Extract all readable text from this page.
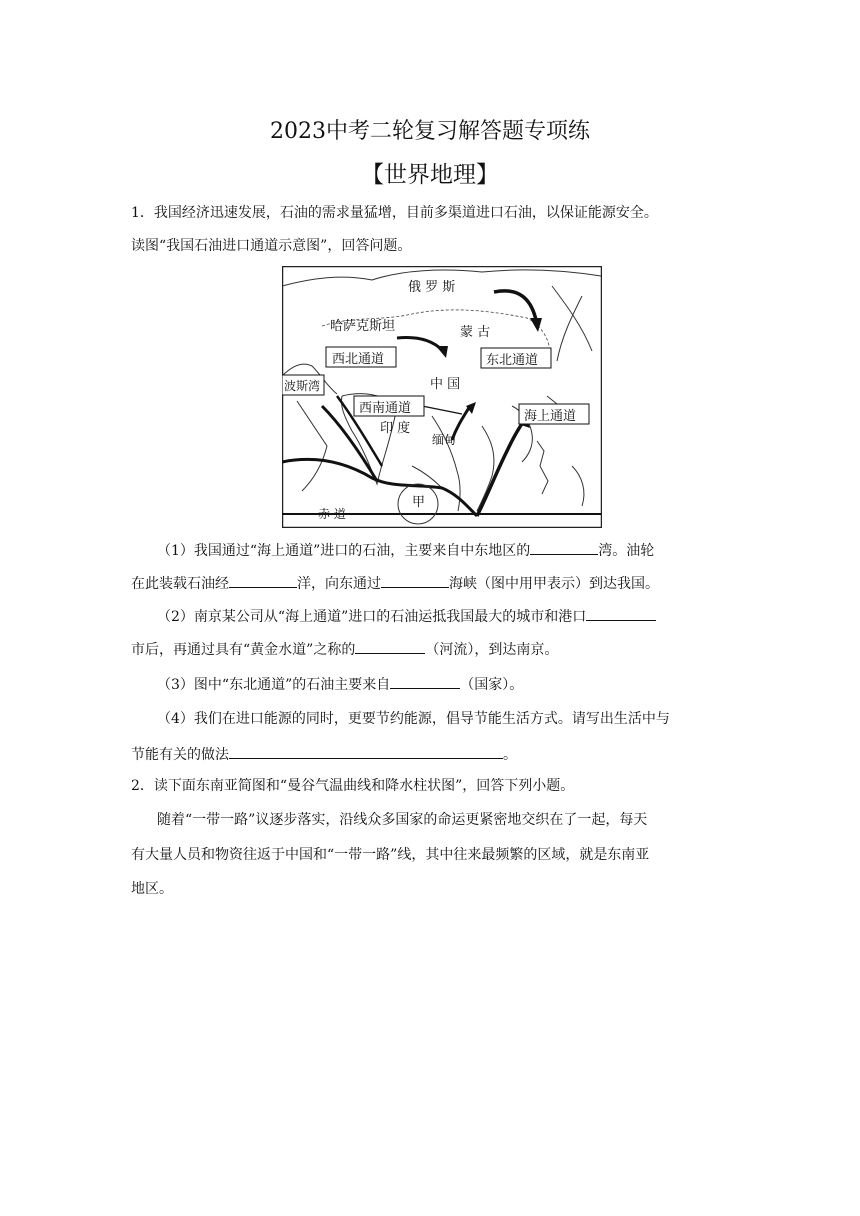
2023中考二轮复习解答题专项练
【世界地理】
1．我国经济迅速发展，石油的需求量猛增，目前多渠道进口石油，以保证能源安全。
读图“我国石油进口通道示意图”，回答问题。
俄 罗 斯
哈萨克斯坦	蒙 古
西北通道	东北通道
波斯湾	中 国
西南通道
海上通道
印 度
缅甸
甲
赤 道
（1）我国通过“海上通道”进口的石油，主要来自中东地区的	湾。油轮
在此装载石油经	洋，向东通过	海峡（图中用甲表示）到达我国。
（2）南京某公司从“海上通道”进口的石油运抵我国最大的城市和港口
市后，再通过具有“黄金水道”之称的	（河流），到达南京。
（3）图中“东北通道”的石油主要来自	（国家）。
（4）我们在进口能源的同时，更要节约能源，倡导节能生活方式。请写出生活中与
节能有关的做法	。
2．读下面东南亚简图和“曼谷气温曲线和降水柱状图”，回答下列小题。
随着“一带一路”议逐步落实，沿线众多国家的命运更紧密地交织在了一起，每天
有大量人员和物资往返于中国和“一带一路”线，其中往来最频繁的区域，就是东南亚
地区。
